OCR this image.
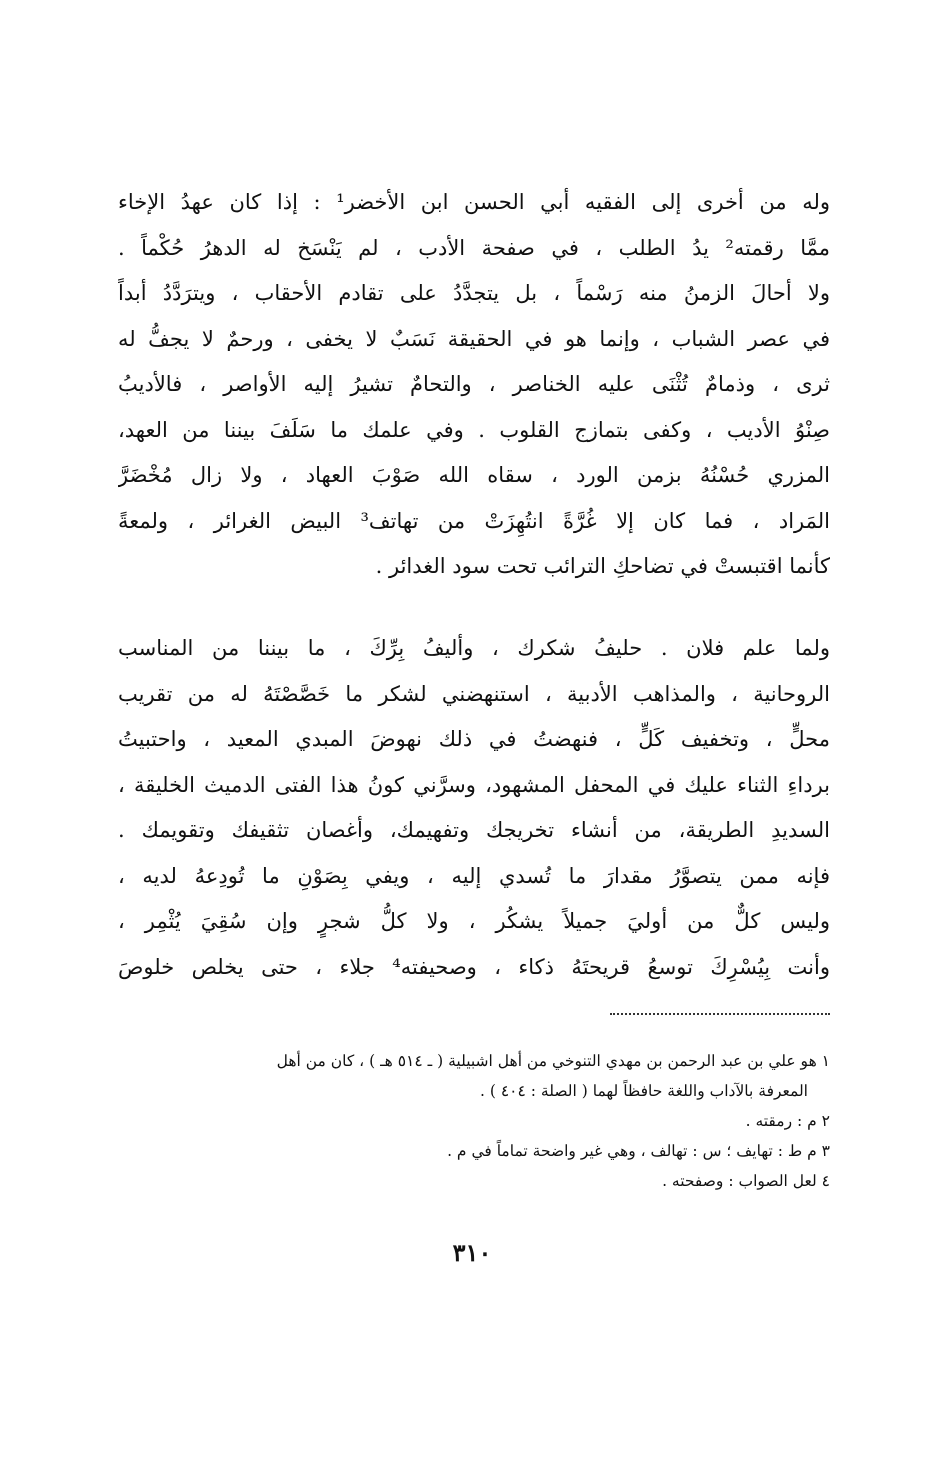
وله من أخرى إلى الفقيه أبي الحسن ابن الأخضر¹ : إذا كان عهدُ الإخاء
ممَّا رقمته² يدُ الطلب ، في صفحة الأدب ، لم يَنْسَخ له الدهرُ حُكْماً .
ولا أحالَ الزمنُ منه رَسْماً ، بل يتجدَّدُ على تقادم الأحقاب ، ويترَدَّدُ أبداً
في عصر الشباب ، وإنما هو في الحقيقة نَسَبٌ لا يخفى ، ورحمٌ لا يجفُّ له
ثرى ، وذمامٌ تُثْنَى عليه الخناصر ، والتحامٌ تشيرُ إليه الأواصر ، فالأديبُ
صِنْوُ الأديب ، وكفى بتمازج القلوب . وفي علمك ما سَلَفَ بيننا من العهد،
المزري حُسْنُهُ بزمن الورد ، سقاه الله صَوْبَ العهاد ، ولا زال مُخْضَرَّ
المَراد ، فما كان إلا غُرَّةً انتُهِزَتْ من تهاتف³ البيض الغرائر ، ولمعةً
كأنما اقتبستْ في تضاحكِ الترائب تحت سود الغدائر .
ولما علم فلان . حليفُ شكرك ، وأليفُ بِرِّكَ ، ما بيننا من المناسب
الروحانية ، والمذاهب الأدبية ، استنهضني لشكر ما خَصَّصْتَهُ له من تقريب
محلٍّ ، وتخفيف كَلٍّ ، فنهضتُ في ذلك نهوضَ المبدي المعيد ، واحتبيتُ
برداءِ الثناء عليك في المحفل المشهود، وسرَّني كونُ هذا الفتى الدميث الخليقة ،
السديدِ الطريقة، من أنشاء تخريجك وتفهيمك، وأغصان تثقيفك وتقويمك .
فإنه ممن يتصوَّرُ مقدارَ ما تُسدي إليه ، ويفي بِصَوْنِ ما تُودِعهُ لديه ،
وليس كلٌّ من أوليَ جميلاً يشكُر ، ولا كلُّ شجرٍ وإن سُقِيَ يُثْمِر ،
وأنت بِيُسْرِكَ توسعُ قريحتَهُ ذكاء ، وصحيفته⁴ جلاء ، حتى يخلص خلوصَ
١ هو علي بن عبد الرحمن بن مهدي التنوخي من أهل اشبيلية ( ـ ٥١٤ هـ ) ، كان من أهل
المعرفة بالآداب واللغة حافظاً لهما ( الصلة : ٤٠٤ ) .
٢ م : رمقته .
٣ م ط : تهايف ؛ س : تهالف ، وهي غير واضحة تماماً في م .
٤ لعل الصواب : وصفحته .
٣١٠
